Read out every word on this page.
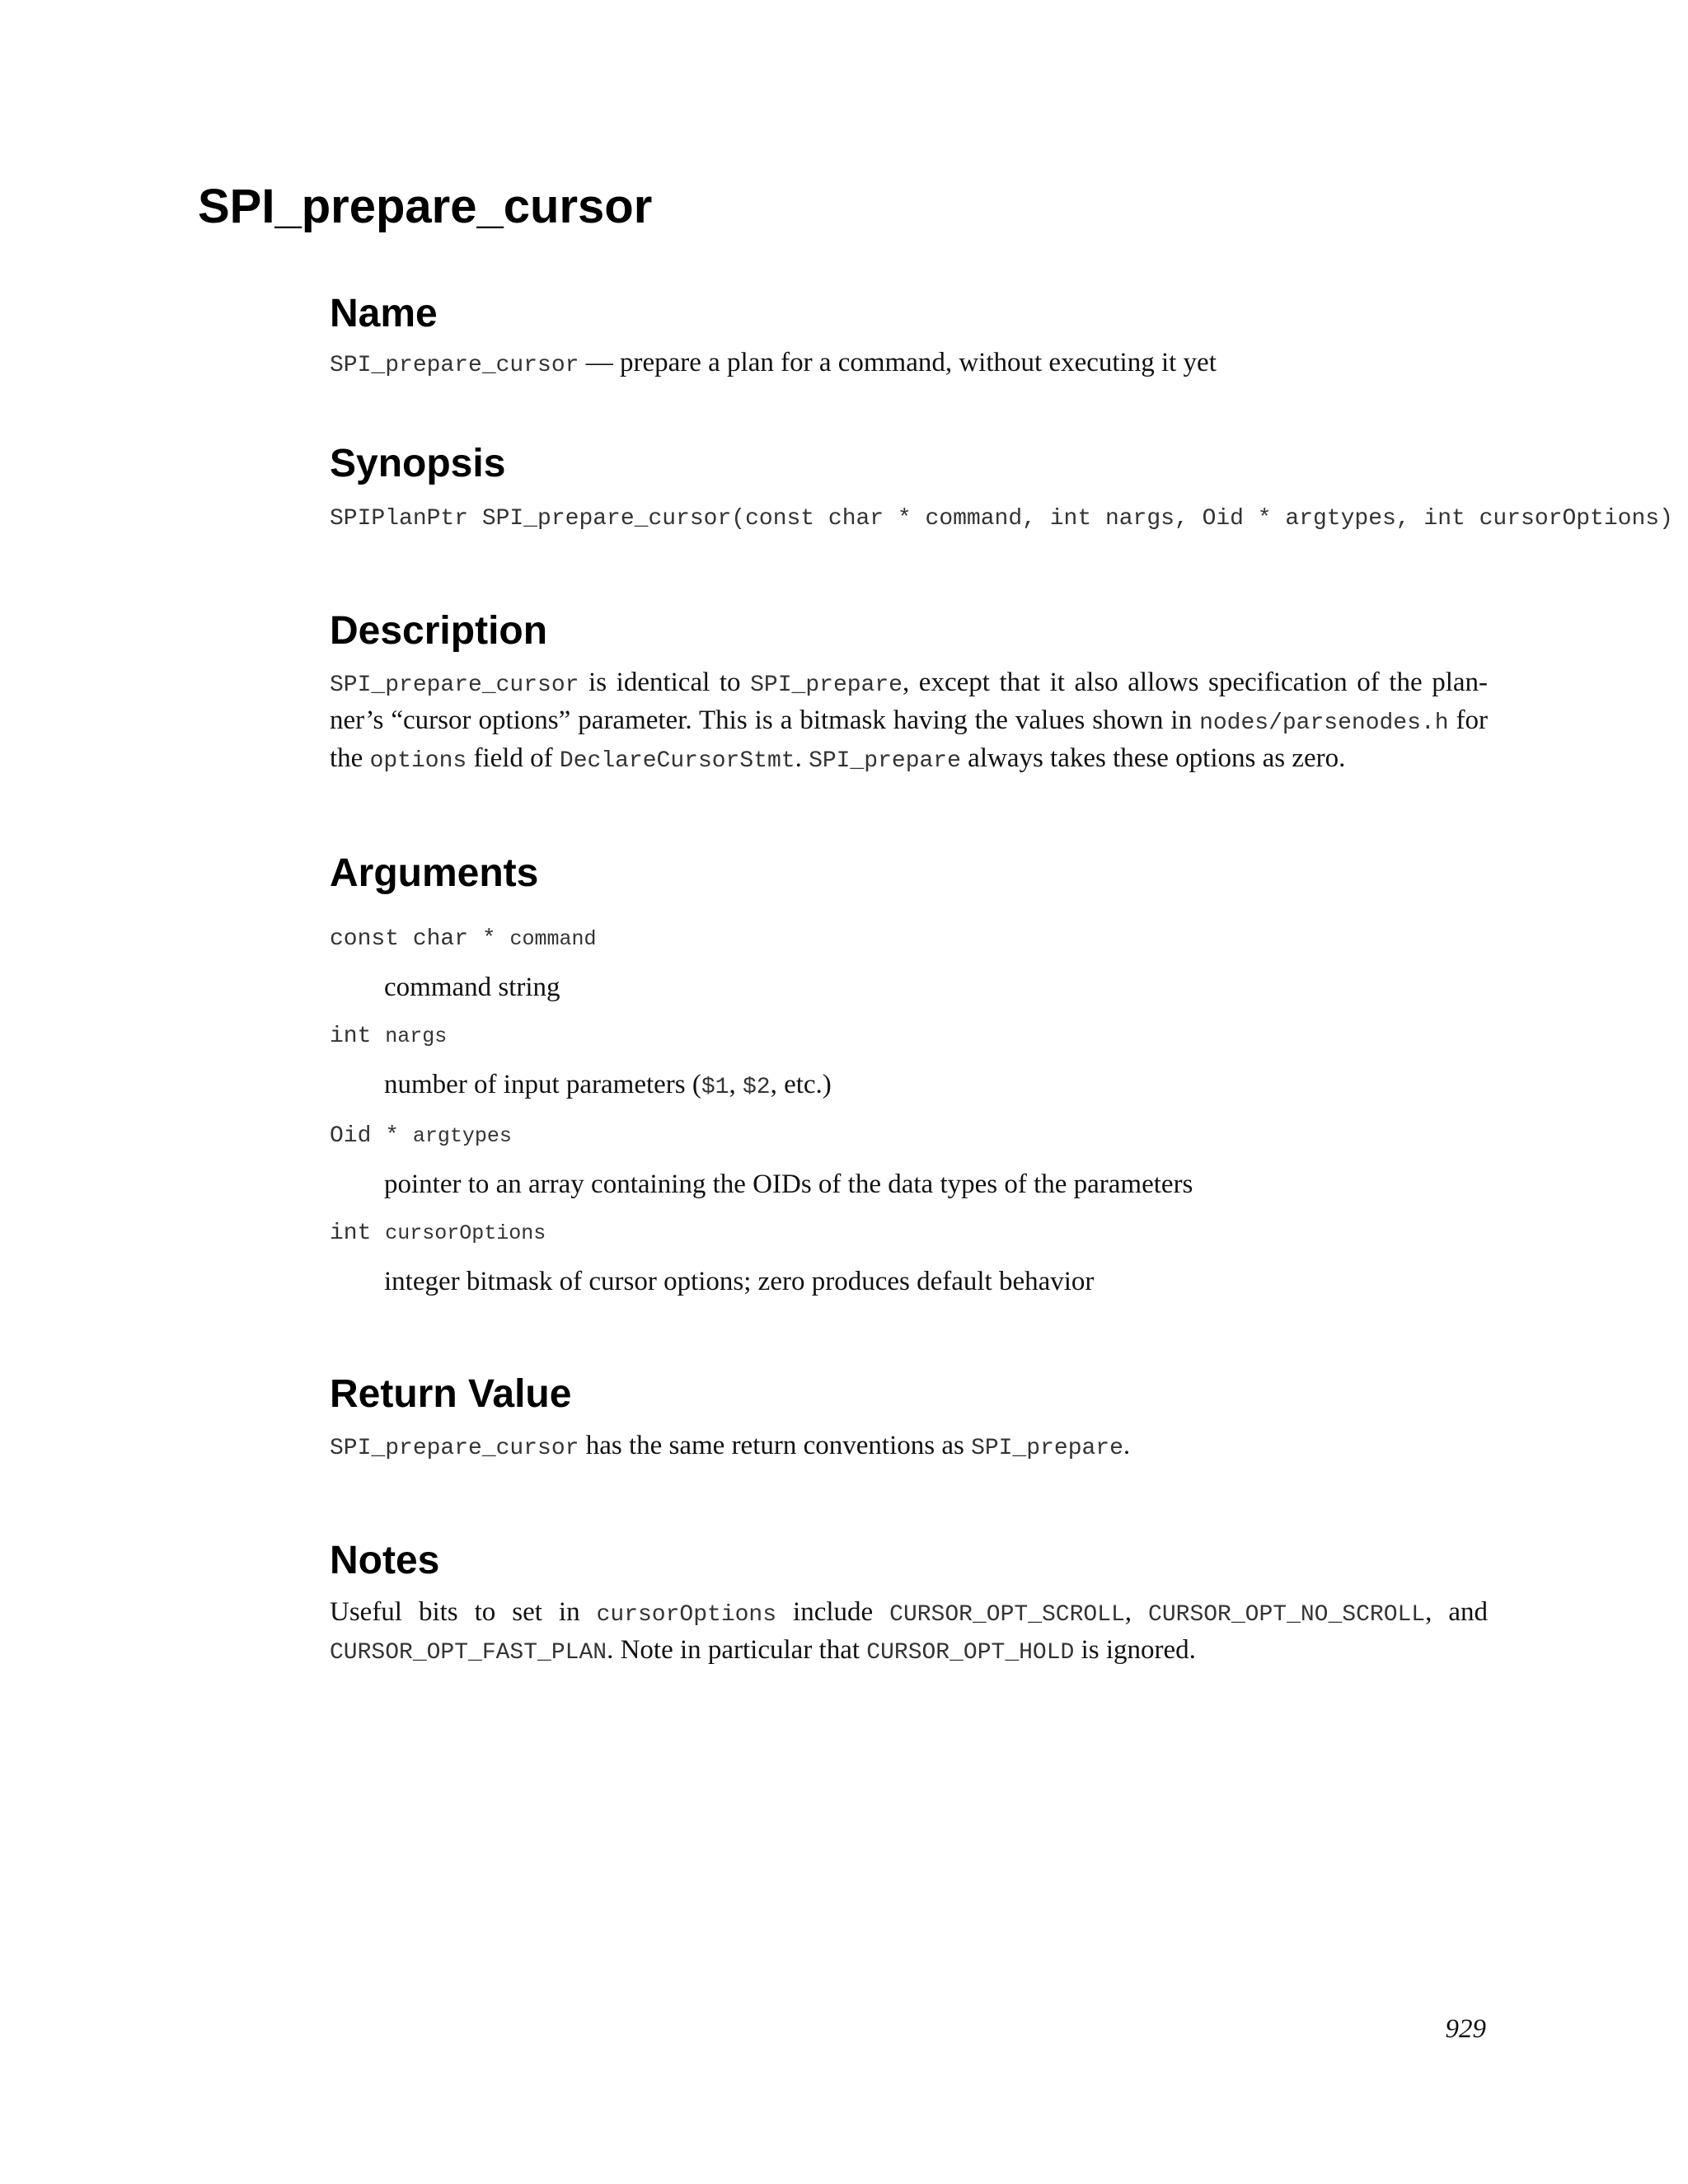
SPI_prepare_cursor
Name

SPI_prepare_cursor — prepare a plan for a command, without executing it yet

Synopsis

SPIPlanPtr SPI_prepare_cursor(const char * command, int nargs, Oid * argtypes, int cursorOptions)

Description

SPI_prepare_cursor is identical to SPI_prepare, except that it also allows specification of the plan-ner’s “cursor options” parameter. This is a bitmask having the values shown in nodes/parsenodes.h for the options field of DeclareCursorStmt. SPI_prepare always takes these options as zero.

Arguments

const char * command

command string

int nargs

number of input parameters ($1, $2, etc.)

Oid * argtypes

pointer to an array containing the OIDs of the data types of the parameters

int cursorOptions

integer bitmask of cursor options; zero produces default behavior

Return Value

SPI_prepare_cursor has the same return conventions as SPI_prepare.

Notes

Useful bits to set in cursorOptions include CURSOR_OPT_SCROLL, CURSOR_OPT_NO_SCROLL, and CURSOR_OPT_FAST_PLAN. Note in particular that CURSOR_OPT_HOLD is ignored.

929
